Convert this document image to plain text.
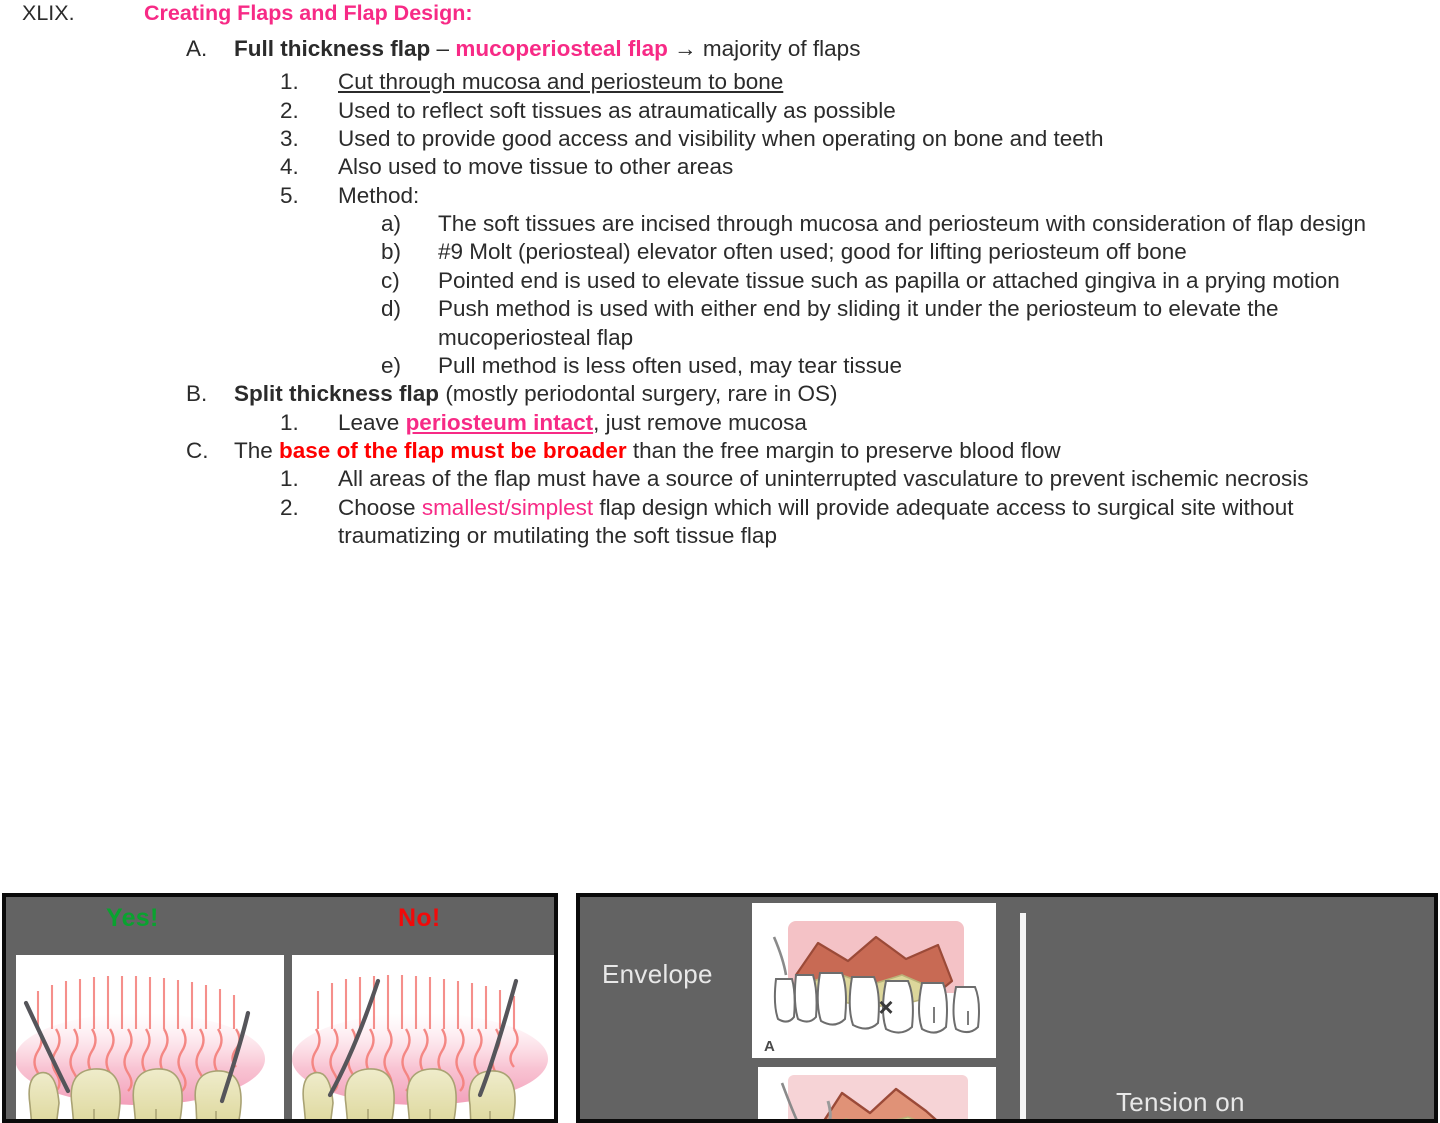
XLIX.	Creating Flaps and Flap Design:
A.	Full thickness flap – mucoperiosteal flap → majority of flaps
1.	Cut through mucosa and periosteum to bone
2.	Used to reflect soft tissues as atraumatically as possible
3.	Used to provide good access and visibility when operating on bone and teeth
4.	Also used to move tissue to other areas
5.	Method:
a)	The soft tissues are incised through mucosa and periosteum with consideration of flap design
b)	#9 Molt (periosteal) elevator often used; good for lifting periosteum off bone
c)	Pointed end is used to elevate tissue such as papilla or attached gingiva in a prying motion
d)	Push method is used with either end by sliding it under the periosteum to elevate the mucoperiosteal flap
e)	Pull method is less often used, may tear tissue
B.	Split thickness flap (mostly periodontal surgery, rare in OS)
1.	Leave periosteum intact, just remove mucosa
C.	The base of the flap must be broader than the free margin to preserve blood flow
1.	All areas of the flap must have a source of uninterrupted vasculature to prevent ischemic necrosis
2.	Choose smallest/simplest flap design which will provide adequate access to surgical site without traumatizing or mutilating the soft tissue flap
Yes!	No!
Envelope
Tension on
×
A
